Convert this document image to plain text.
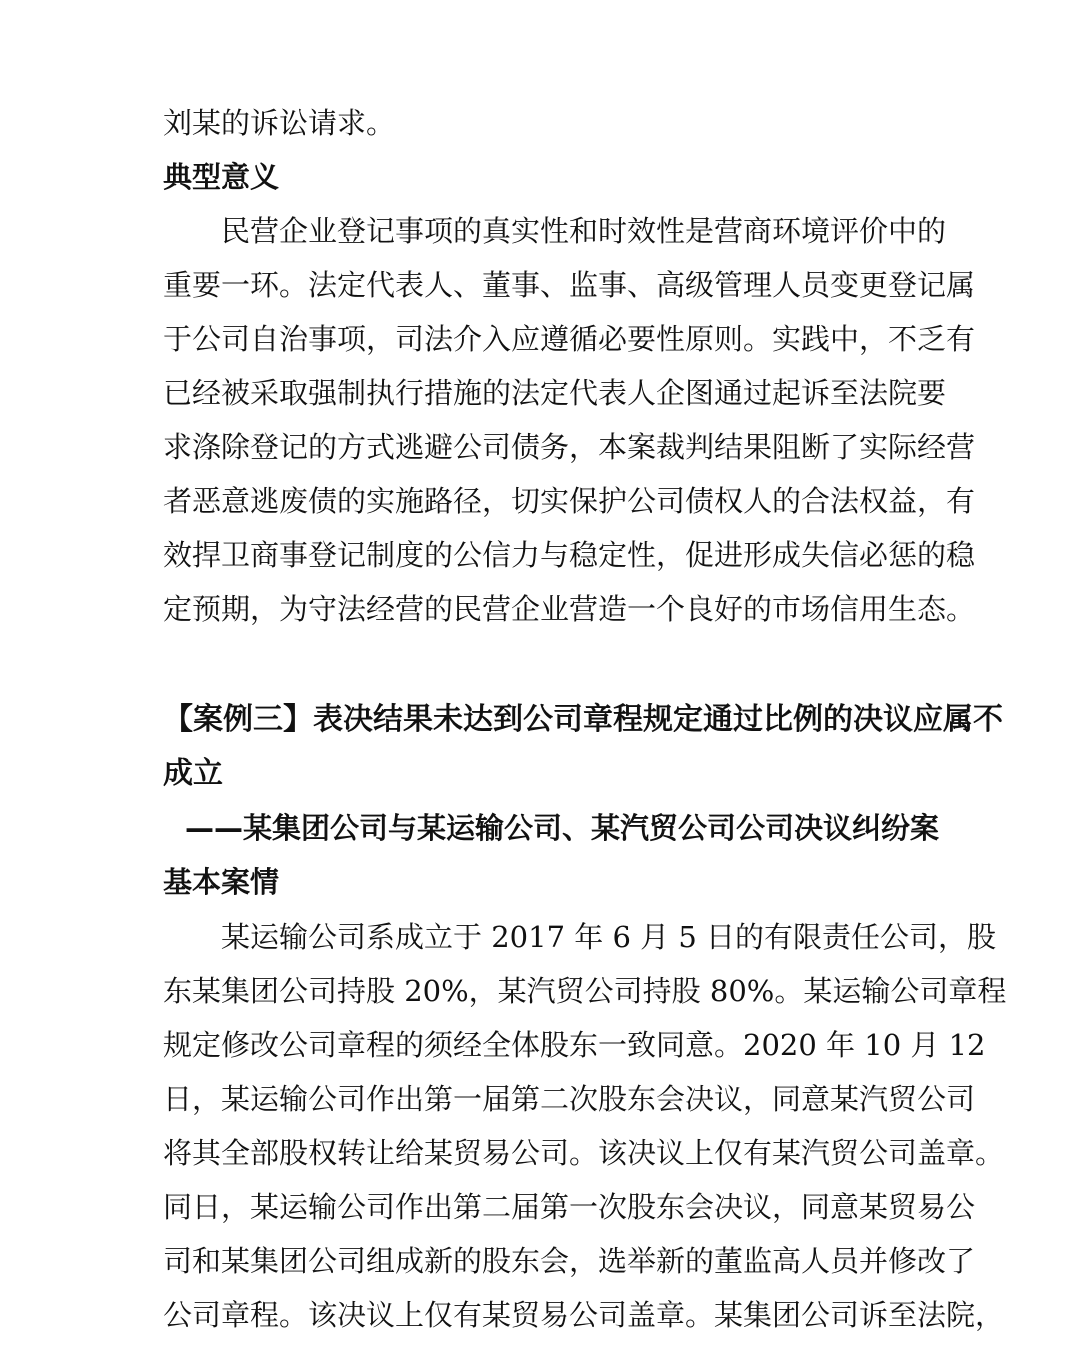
刘某的诉讼请求。
典型意义
民营企业登记事项的真实性和时效性是营商环境评价中的
重要一环。法定代表人、董事、监事、高级管理人员变更登记属
于公司自治事项，司法介入应遵循必要性原则。实践中，不乏有
已经被采取强制执行措施的法定代表人企图通过起诉至法院要
求涤除登记的方式逃避公司债务，本案裁判结果阻断了实际经营
者恶意逃废债的实施路径，切实保护公司债权人的合法权益，有
效捍卫商事登记制度的公信力与稳定性，促进形成失信必惩的稳
定预期，为守法经营的民营企业营造一个良好的市场信用生态。
【案例三】表决结果未达到公司章程规定通过比例的决议应属不
成立
——某集团公司与某运输公司、某汽贸公司公司决议纠纷案
基本案情
某运输公司系成立于 2017 年 6 月 5 日的有限责任公司，股
东某集团公司持股 20%，某汽贸公司持股 80%。某运输公司章程
规定修改公司章程的须经全体股东一致同意。2020 年 10 月 12
日，某运输公司作出第一届第二次股东会决议，同意某汽贸公司
将其全部股权转让给某贸易公司。该决议上仅有某汽贸公司盖章。
同日，某运输公司作出第二届第一次股东会决议，同意某贸易公
司和某集团公司组成新的股东会，选举新的董监高人员并修改了
公司章程。该决议上仅有某贸易公司盖章。某集团公司诉至法院，
